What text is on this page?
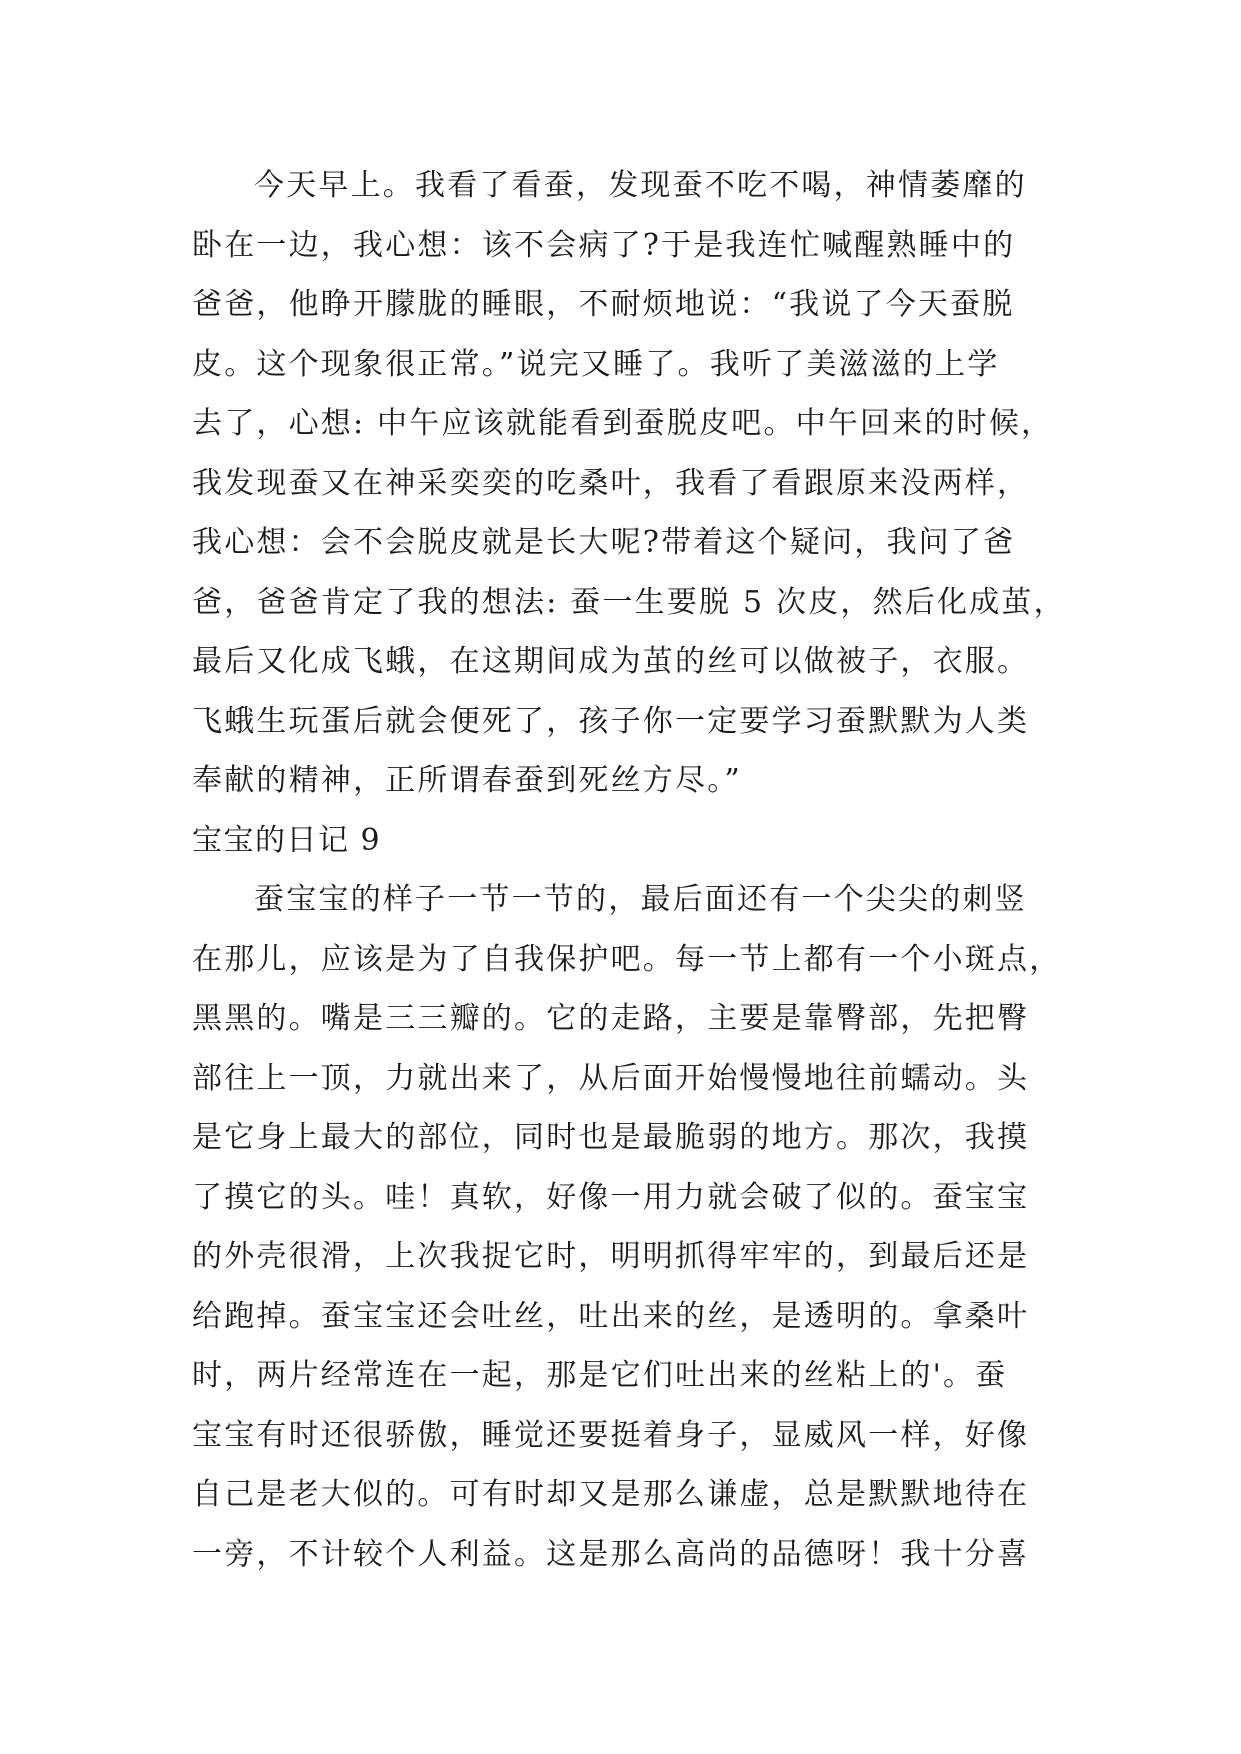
今天早上。我看了看蚕，发现蚕不吃不喝，神情萎靡的
卧在一边，我心想：该不会病了?于是我连忙喊醒熟睡中的
爸爸，他睁开朦胧的睡眼，不耐烦地说：“我说了今天蚕脱
皮。这个现象很正常。”说完又睡了。我听了美滋滋的上学
去了，心想: 中午应该就能看到蚕脱皮吧。中午回来的时候，
我发现蚕又在神采奕奕的吃桑叶，我看了看跟原来没两样，
我心想：会不会脱皮就是长大呢?带着这个疑问，我问了爸
爸，爸爸肯定了我的想法: 蚕一生要脱 5 次皮，然后化成茧，
最后又化成飞蛾，在这期间成为茧的丝可以做被子，衣服。
飞蛾生玩蛋后就会便死了，孩子你一定要学习蚕默默为人类
奉献的精神，正所谓春蚕到死丝方尽。”
宝宝的日记 9
蚕宝宝的样子一节一节的，最后面还有一个尖尖的刺竖
在那儿，应该是为了自我保护吧。每一节上都有一个小斑点，
黑黑的。嘴是三三瓣的。它的走路，主要是靠臀部，先把臀
部往上一顶，力就出来了，从后面开始慢慢地往前蠕动。头
是它身上最大的部位，同时也是最脆弱的地方。那次，我摸
了摸它的头。哇！真软，好像一用力就会破了似的。蚕宝宝
的外壳很滑，上次我捉它时，明明抓得牢牢的，到最后还是
给跑掉。蚕宝宝还会吐丝，吐出来的丝，是透明的。拿桑叶
时，两片经常连在一起，那是它们吐出来的丝粘上的'。蚕
宝宝有时还很骄傲，睡觉还要挺着身子，显威风一样，好像
自己是老大似的。可有时却又是那么谦虚，总是默默地待在
一旁，不计较个人利益。这是那么高尚的品德呀！我十分喜
